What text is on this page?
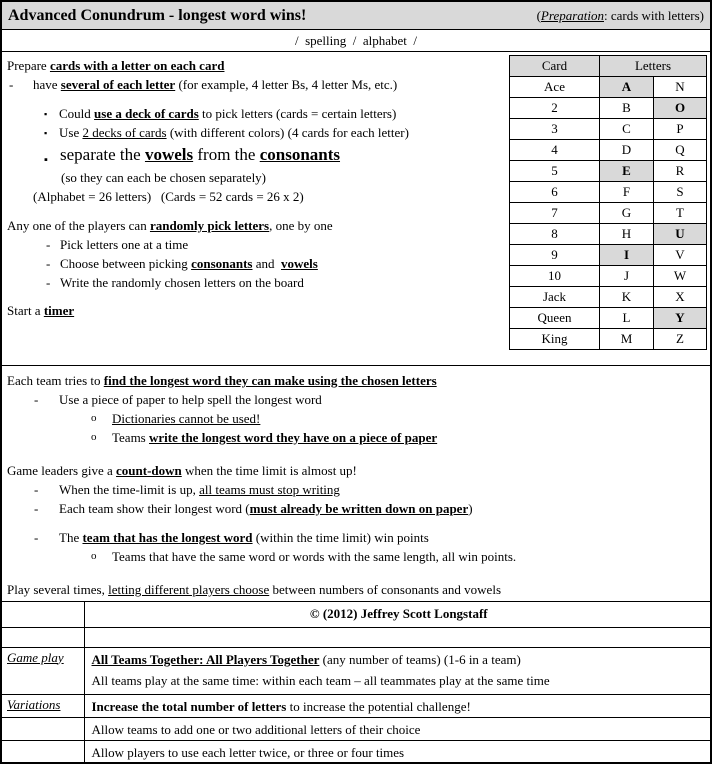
Advanced Conundrum - longest word wins!	(Preparation: cards with letters)
/  spelling  /  alphabet  /
Prepare cards with a letter on each card
- have several of each letter (for example, 4 letter Bs, 4 letter Ms, etc.)
▪ Could use a deck of cards to pick letters (cards = certain letters)
▪ Use 2 decks of cards (with different colors) (4 cards for each letter)
▪ separate the vowels from the consonants
(so they can each be chosen separately)
(Alphabet = 26 letters)   (Cards = 52 cards = 26 x 2)
Any one of the players can randomly pick letters, one by one
- Pick letters one at a time
- Choose between picking consonants and  vowels
- Write the randomly chosen letters on the board
Start a timer
Card	Letters	
Ace	A	N
2	B	O
3	C	P
4	D	Q
5	E	R
6	F	S
7	G	T
8	H	U
9	I	V
10	J	W
Jack	K	X
Queen	L	Y
King	M	Z
Each team tries to find the longest word they can make using the chosen letters
- Use a piece of paper to help spell the longest word
o Dictionaries cannot be used!
o Teams write the longest word they have on a piece of paper
Game leaders give a count-down when the time limit is almost up!
- When the time-limit is up, all teams must stop writing
- Each team show their longest word (must already be written down on paper)
- The team that has the longest word (within the time limit) win points
o Teams that have the same word or words with the same length, all win points.
Play several times, letting different players choose between numbers of consonants and vowels

	© (2012) Jeffrey Scott Longstaff

Game play	All Teams Together: All Players Together (any number of teams) (1-6 in a team)
All teams play at the same time: within each team – all teammates play at the same time

Variations	Increase the total number of letters to increase the potential challenge!

	Allow teams to add one or two additional letters of their choice

	Allow players to use each letter twice, or three or four times
